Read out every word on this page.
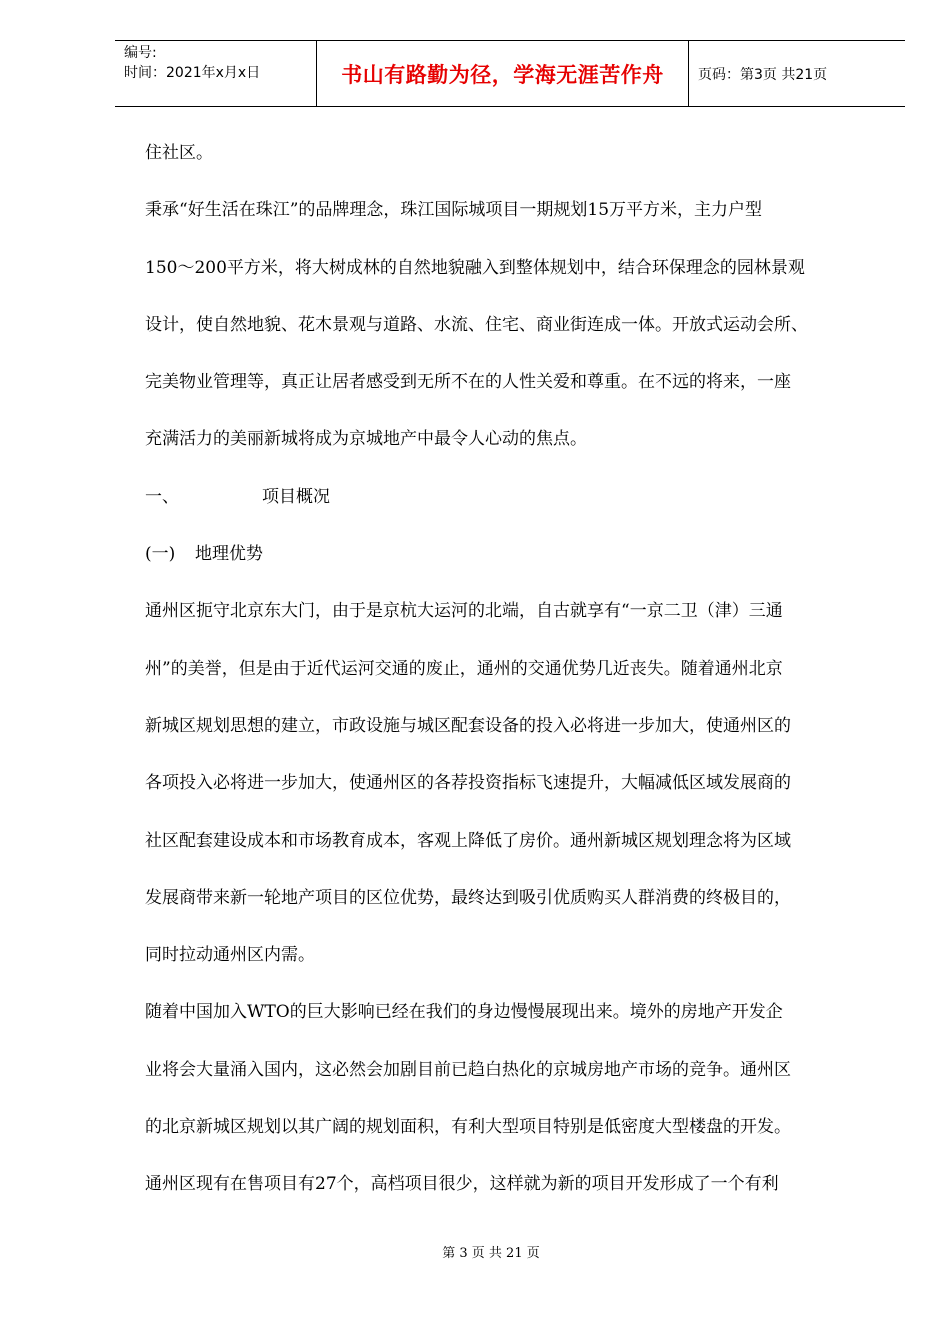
编号:
时间：2021年x月x日	书山有路勤为径，学海无涯苦作舟	页码：第3页 共21页
住社区。
秉承“好生活在珠江”的品牌理念，珠江国际城项目一期规划15万平方米，主力户型
150～200平方米，将大树成林的自然地貌融入到整体规划中，结合环保理念的园林景观
设计，使自然地貌、花木景观与道路、水流、住宅、商业街连成一体。开放式运动会所、
完美物业管理等，真正让居者感受到无所不在的人性关爱和尊重。在不远的将来，一座
充满活力的美丽新城将成为京城地产中最令人心动的焦点。
一、	项目概况
(一) 地理优势
通州区扼守北京东大门，由于是京杭大运河的北端，自古就享有“一京二卫（津）三通
州”的美誉，但是由于近代运河交通的废止，通州的交通优势几近丧失。随着通州北京
新城区规划思想的建立，市政设施与城区配套设备的投入必将进一步加大，使通州区的
各项投入必将进一步加大，使通州区的各荐投资指标飞速提升，大幅减低区域发展商的
社区配套建设成本和市场教育成本，客观上降低了房价。通州新城区规划理念将为区域
发展商带来新一轮地产项目的区位优势，最终达到吸引优质购买人群消费的终极目的，
同时拉动通州区内需。
随着中国加入WTO的巨大影响已经在我们的身边慢慢展现出来。境外的房地产开发企
业将会大量涌入国内，这必然会加剧目前已趋白热化的京城房地产市场的竞争。通州区
的北京新城区规划以其广阔的规划面积，有利大型项目特别是低密度大型楼盘的开发。
通州区现有在售项目有27个，高档项目很少，这样就为新的项目开发形成了一个有利
第 3 页 共 21 页
